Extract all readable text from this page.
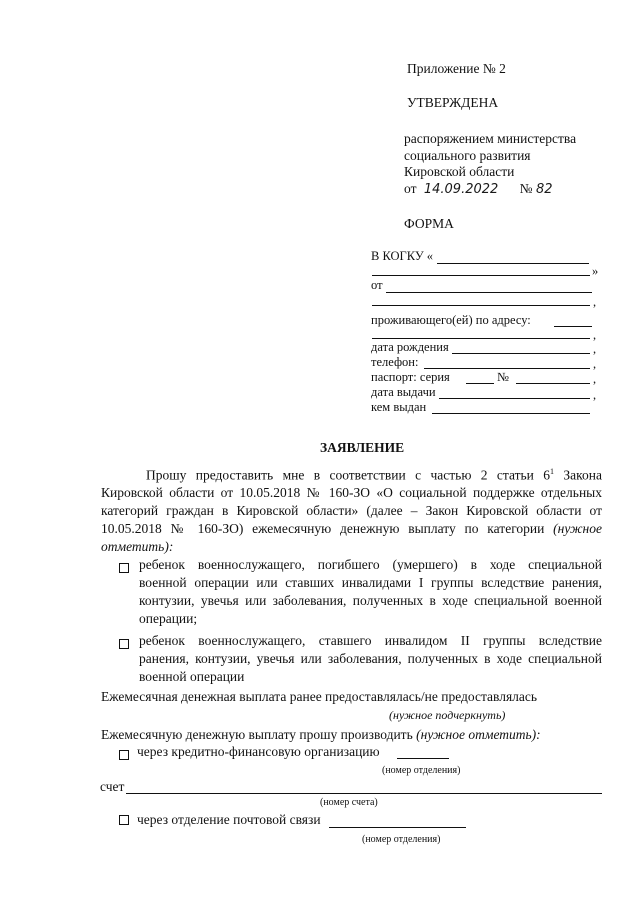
Приложение № 2
УТВЕРЖДЕНА
распоряжением министерства
социального развития
Кировской области
от 14.09.2022 № 82
ФОРМА
В КОГКУ «
»
от
,
проживающего(ей) по адресу:
,
дата рождения	,
телефон:	,
паспорт: серия	№	,
дата выдачи	,
кем выдан
ЗАЯВЛЕНИЕ
Прошу предоставить мне в соответствии с частью 2 статьи $6^1$ Закона
Кировской области от 10.05.2018 № 160-ЗО «О социальной поддержке отдельных
категорий граждан в Кировской области» (далее – Закон Кировской области от
10.05.2018 № 160-ЗО) ежемесячную денежную выплату по категории (нужное
отметить):
ребенок военнослужащего, погибшего (умершего) в ходе специальной
военной операции или ставших инвалидами I группы вследствие ранения,
контузии, увечья или заболевания, полученных в ходе специальной военной
операции;
ребенок военнослужащего, ставшего инвалидом II группы вследствие
ранения, контузии, увечья или заболевания, полученных в ходе специальной
военной операции
Ежемесячная денежная выплата ранее предоставлялась/не предоставлялась
(нужное подчеркнуть)
Ежемесячную денежную выплату прошу производить (нужное отметить):
через кредитно-финансовую организацию
(номер отделения)
счет
(номер счета)
через отделение почтовой связи
(номер отделения)
